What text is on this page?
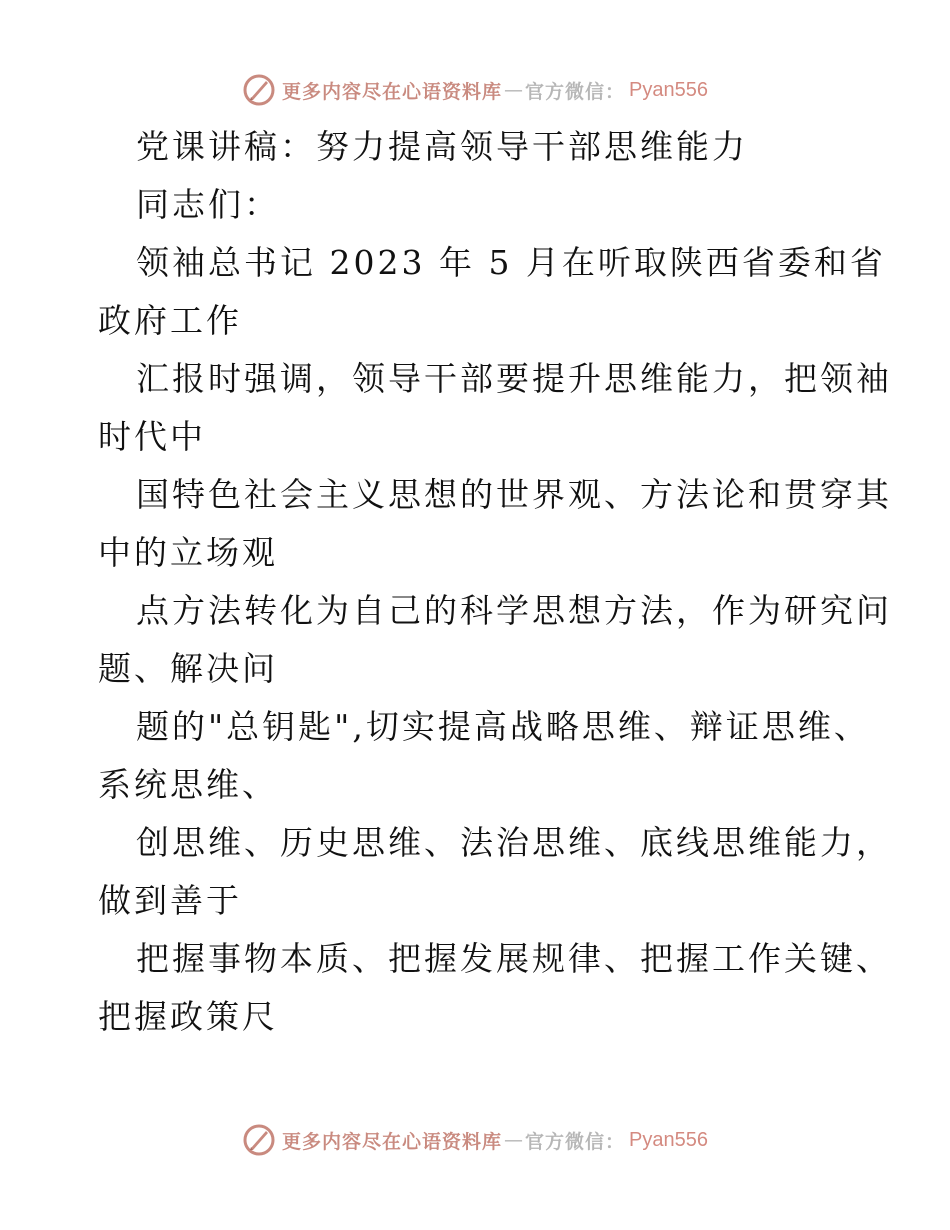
更多内容尽在心语资料库 — 官方微信： Pyan556
党课讲稿：努力提高领导干部思维能力
同志们：
领袖总书记 2023 年 5 月在听取陕西省委和省
政府工作
汇报时强调，领导干部要提升思维能力，把领袖
时代中
国特色社会主义思想的世界观、方法论和贯穿其
中的立场观
点方法转化为自己的科学思想方法，作为研究问
题、解决问
题的"总钥匙",切实提高战略思维、辩证思维、
系统思维、
创思维、历史思维、法治思维、底线思维能力，
做到善于
把握事物本质、把握发展规律、把握工作关键、
把握政策尺
更多内容尽在心语资料库 — 官方微信： Pyan556
